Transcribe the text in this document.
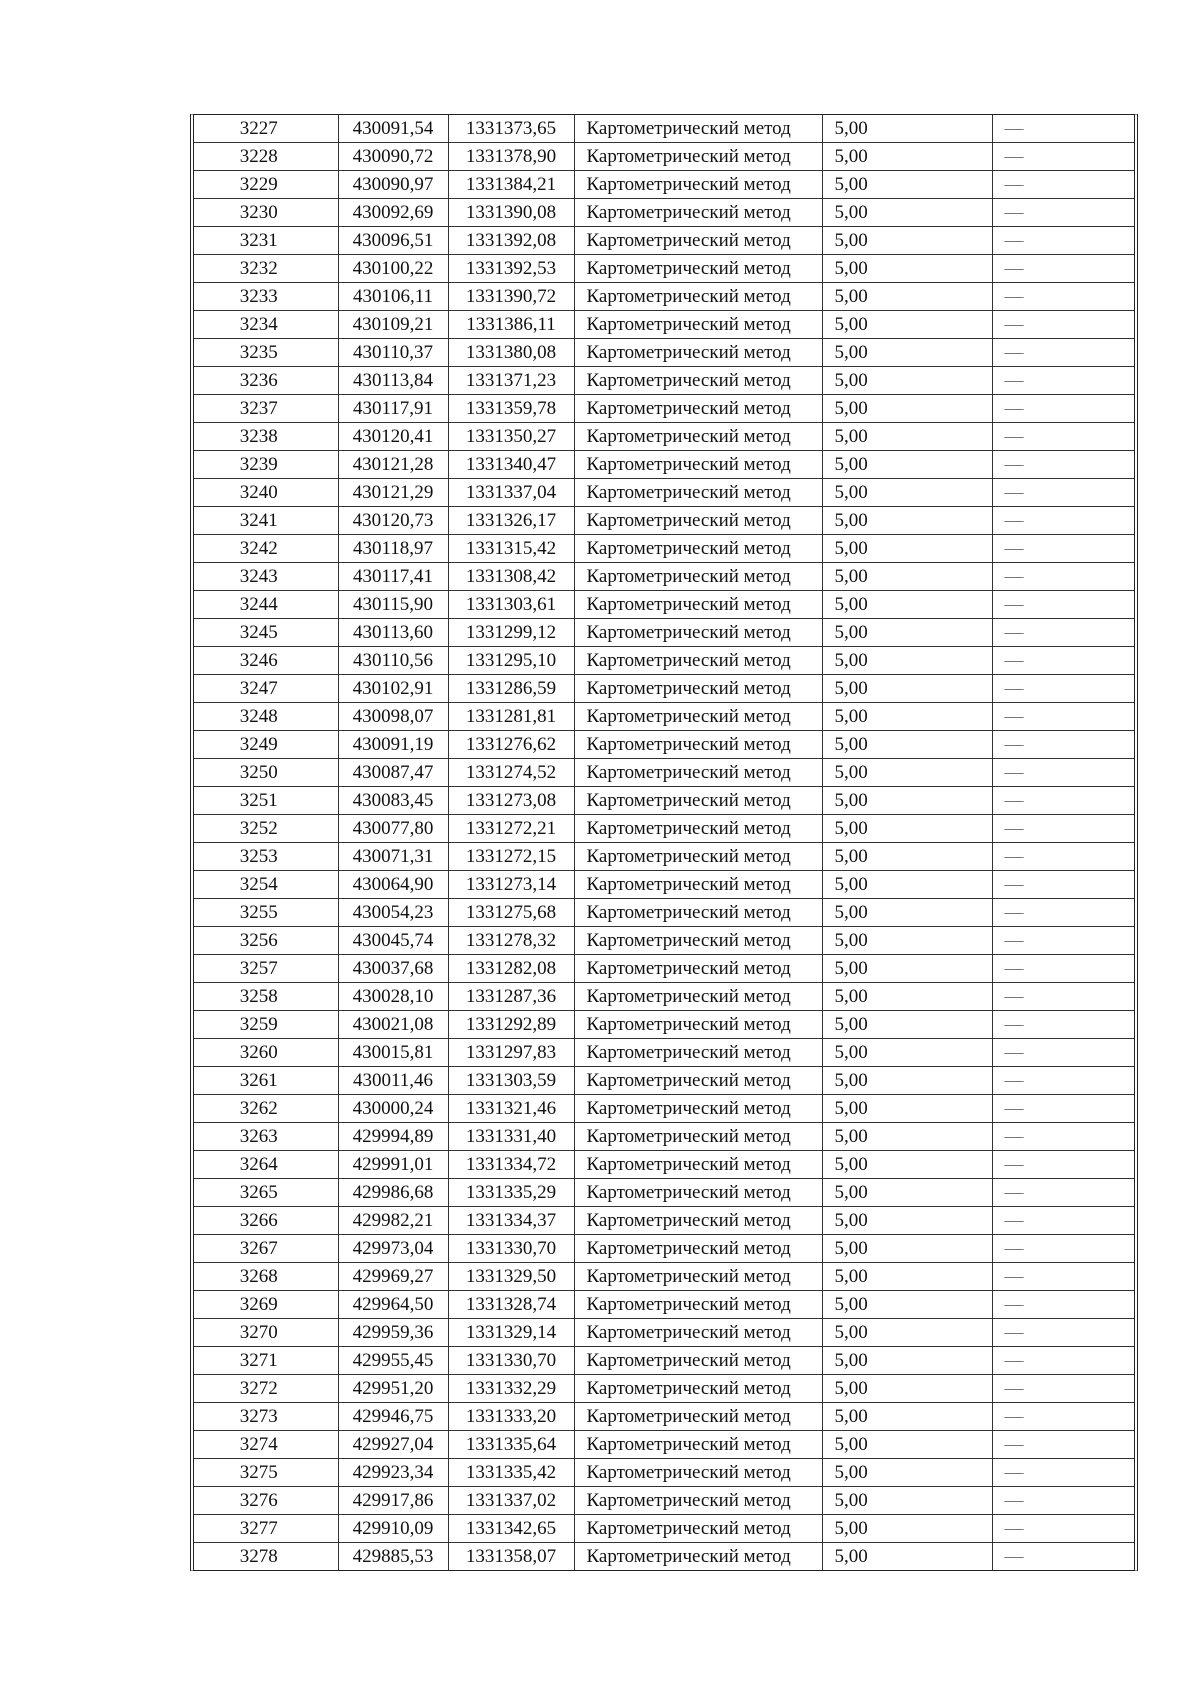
3227	430091,54	1331373,65	Картометрический метод	5,00	—
3228	430090,72	1331378,90	Картометрический метод	5,00	—
3229	430090,97	1331384,21	Картометрический метод	5,00	—
3230	430092,69	1331390,08	Картометрический метод	5,00	—
3231	430096,51	1331392,08	Картометрический метод	5,00	—
3232	430100,22	1331392,53	Картометрический метод	5,00	—
3233	430106,11	1331390,72	Картометрический метод	5,00	—
3234	430109,21	1331386,11	Картометрический метод	5,00	—
3235	430110,37	1331380,08	Картометрический метод	5,00	—
3236	430113,84	1331371,23	Картометрический метод	5,00	—
3237	430117,91	1331359,78	Картометрический метод	5,00	—
3238	430120,41	1331350,27	Картометрический метод	5,00	—
3239	430121,28	1331340,47	Картометрический метод	5,00	—
3240	430121,29	1331337,04	Картометрический метод	5,00	—
3241	430120,73	1331326,17	Картометрический метод	5,00	—
3242	430118,97	1331315,42	Картометрический метод	5,00	—
3243	430117,41	1331308,42	Картометрический метод	5,00	—
3244	430115,90	1331303,61	Картометрический метод	5,00	—
3245	430113,60	1331299,12	Картометрический метод	5,00	—
3246	430110,56	1331295,10	Картометрический метод	5,00	—
3247	430102,91	1331286,59	Картометрический метод	5,00	—
3248	430098,07	1331281,81	Картометрический метод	5,00	—
3249	430091,19	1331276,62	Картометрический метод	5,00	—
3250	430087,47	1331274,52	Картометрический метод	5,00	—
3251	430083,45	1331273,08	Картометрический метод	5,00	—
3252	430077,80	1331272,21	Картометрический метод	5,00	—
3253	430071,31	1331272,15	Картометрический метод	5,00	—
3254	430064,90	1331273,14	Картометрический метод	5,00	—
3255	430054,23	1331275,68	Картометрический метод	5,00	—
3256	430045,74	1331278,32	Картометрический метод	5,00	—
3257	430037,68	1331282,08	Картометрический метод	5,00	—
3258	430028,10	1331287,36	Картометрический метод	5,00	—
3259	430021,08	1331292,89	Картометрический метод	5,00	—
3260	430015,81	1331297,83	Картометрический метод	5,00	—
3261	430011,46	1331303,59	Картометрический метод	5,00	—
3262	430000,24	1331321,46	Картометрический метод	5,00	—
3263	429994,89	1331331,40	Картометрический метод	5,00	—
3264	429991,01	1331334,72	Картометрический метод	5,00	—
3265	429986,68	1331335,29	Картометрический метод	5,00	—
3266	429982,21	1331334,37	Картометрический метод	5,00	—
3267	429973,04	1331330,70	Картометрический метод	5,00	—
3268	429969,27	1331329,50	Картометрический метод	5,00	—
3269	429964,50	1331328,74	Картометрический метод	5,00	—
3270	429959,36	1331329,14	Картометрический метод	5,00	—
3271	429955,45	1331330,70	Картометрический метод	5,00	—
3272	429951,20	1331332,29	Картометрический метод	5,00	—
3273	429946,75	1331333,20	Картометрический метод	5,00	—
3274	429927,04	1331335,64	Картометрический метод	5,00	—
3275	429923,34	1331335,42	Картометрический метод	5,00	—
3276	429917,86	1331337,02	Картометрический метод	5,00	—
3277	429910,09	1331342,65	Картометрический метод	5,00	—
3278	429885,53	1331358,07	Картометрический метод	5,00	—
